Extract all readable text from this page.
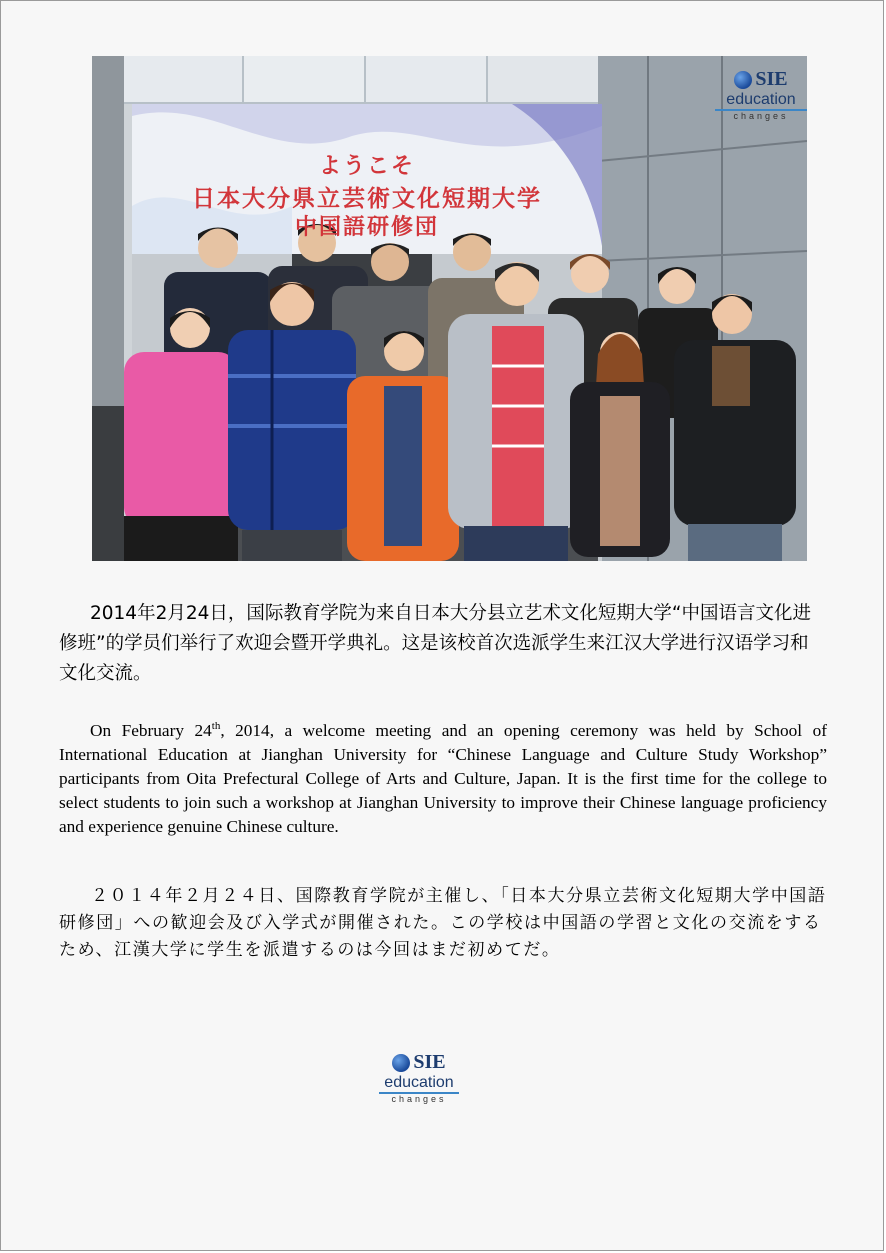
ようこそ
日本大分県立芸術文化短期大学
中国語研修団
SIE
education
changes

2014年2月24日，国际教育学院为来自日本大分县立艺术文化短期大学“中国语言文化进修班”的学员们举行了欢迎会暨开学典礼。这是该校首次选派学生来江汉大学进行汉语学习和文化交流。

On February 24th, 2014, a welcome meeting and an opening ceremony was held by School of International Education at Jianghan University for “Chinese Language and Culture Study Workshop” participants from Oita Prefectural College of Arts and Culture, Japan. It is the first time for the college to select students to join such a workshop at Jianghan University to improve their Chinese language proficiency and experience genuine Chinese culture.

２０１４年２月２４日、国際教育学院が主催し、「日本大分県立芸術文化短期大学中国語研修団」への歓迎会及び入学式が開催された。この学校は中国語の学習と文化の交流をするため、江漢大学に学生を派遣するのは今回はまだ初めてだ。

SIE
education
changes
